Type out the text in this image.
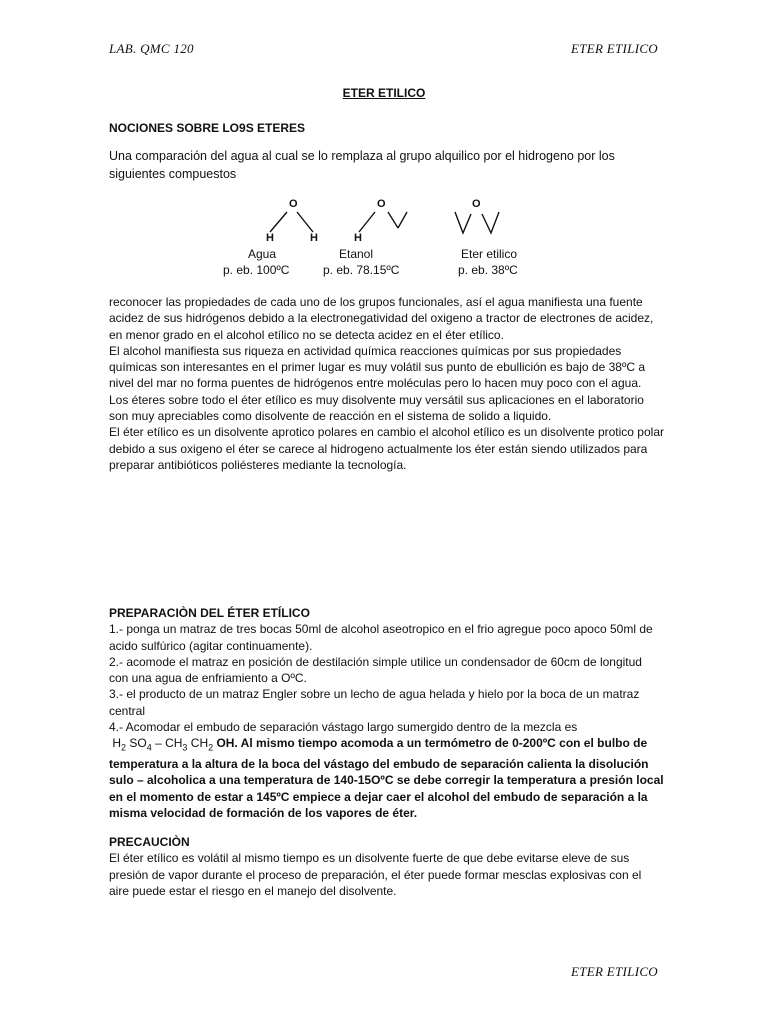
LAB. QMC 120	ETER ETILICO
ETER ETILICO
NOCIONES SOBRE LO9S ETERES
Una comparación del agua al cual se lo remplaza al grupo alquilico por el hidrogeno por los siguientes compuestos
O
H	H
O
H
O
Agua
p. eb. 100ºC
Etanol
p. eb. 78.15ºC
Eter etilico
p. eb. 38ºC

reconocer las propiedades de cada uno de los grupos funcionales, así el agua manifiesta una fuente acidez de sus hidrógenos debido a la electronegatividad del oxigeno a tractor de electrones de acidez, en menor grado en el alcohol etílico no se detecta acidez en el éter etílico.

El alcohol manifiesta sus riqueza en actividad química reacciones químicas por sus propiedades químicas son interesantes en el primer lugar es muy volátil sus punto de ebullición es bajo de 38ºC a nivel del mar no forma puentes de hidrógenos entre moléculas pero lo hacen muy poco con el agua.

Los éteres sobre todo el éter etílico es muy disolvente muy versátil sus aplicaciones en el laboratorio son muy apreciables como disolvente de reacción en el sistema de solido a liquido.

El éter etílico es un disolvente aprotico polares en cambio el alcohol etílico es un disolvente protico polar debido a sus oxigeno el éter se carece al hidrogeno actualmente los éter están siendo utilizados para preparar antibióticos poliésteres mediante la tecnología.

PREPARACIÒN DEL ÉTER ETÍLICO

1.- ponga un matraz de tres bocas 50ml de alcohol aseotropico en el frio agregue poco apoco 50ml de acido sulfúrico (agitar continuamente).

2.- acomode el matraz en posición de destilación simple utilice un condensador de 60cm de longitud con una agua de enfriamiento a OºC.

3.- el producto de un matraz Engler sobre un lecho de agua helada y hielo por la boca de un matraz central

4.- Acomodar el embudo de separación vástago largo sumergido dentro de la mezcla es

$H_2$ $SO_4 - CH_3$ $CH_2$ OH. Al mismo tiempo acomoda a un termómetro de 0-200ºC con el bulbo de temperatura a la altura de la boca del vástago del embudo de separación calienta la disolución sulo – alcoholica a una temperatura de 140-15OºC se debe corregir la temperatura a presión local en el momento de estar a 145ºC empiece a dejar caer el alcohol del embudo de separación a la misma velocidad de formación de los vapores de éter.

PRECAUCIÒN

El éter etílico es volátil al mismo tiempo es un disolvente fuerte de que debe evitarse eleve de sus presión de vapor durante el proceso de preparación, el éter puede formar mesclas explosivas con el aire puede estar el riesgo en el manejo del disolvente.

ETER ETILICO
